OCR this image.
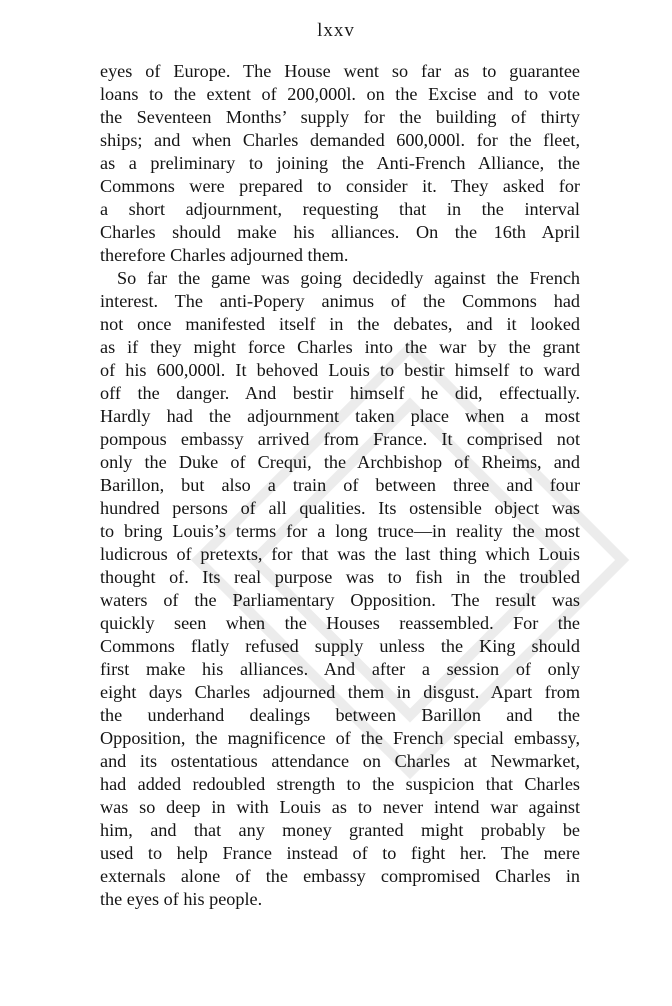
lxxv
eyes of Europe. The House went so far as to guarantee
loans to the extent of 200,000l. on the Excise and to vote
the Seventeen Months’ supply for the building of thirty
ships; and when Charles demanded 600,000l. for the fleet,
as a preliminary to joining the Anti-French Alliance, the
Commons were prepared to consider it. They asked for
a short adjournment, requesting that in the interval
Charles should make his alliances. On the 16th April
therefore Charles adjourned them.
So far the game was going decidedly against the French
interest. The anti-Popery animus of the Commons had
not once manifested itself in the debates, and it looked
as if they might force Charles into the war by the grant
of his 600,000l. It behoved Louis to bestir himself to ward
off the danger. And bestir himself he did, effectually.
Hardly had the adjournment taken place when a most
pompous embassy arrived from France. It comprised not
only the Duke of Crequi, the Archbishop of Rheims, and
Barillon, but also a train of between three and four
hundred persons of all qualities. Its ostensible object was
to bring Louis’s terms for a long truce—in reality the most
ludicrous of pretexts, for that was the last thing which Louis
thought of. Its real purpose was to fish in the troubled
waters of the Parliamentary Opposition. The result was
quickly seen when the Houses reassembled. For the
Commons flatly refused supply unless the King should
first make his alliances. And after a session of only
eight days Charles adjourned them in disgust. Apart from
the underhand dealings between Barillon and the
Opposition, the magnificence of the French special embassy,
and its ostentatious attendance on Charles at Newmarket,
had added redoubled strength to the suspicion that Charles
was so deep in with Louis as to never intend war against
him, and that any money granted might probably be
used to help France instead of to fight her. The mere
externals alone of the embassy compromised Charles in
the eyes of his people.
